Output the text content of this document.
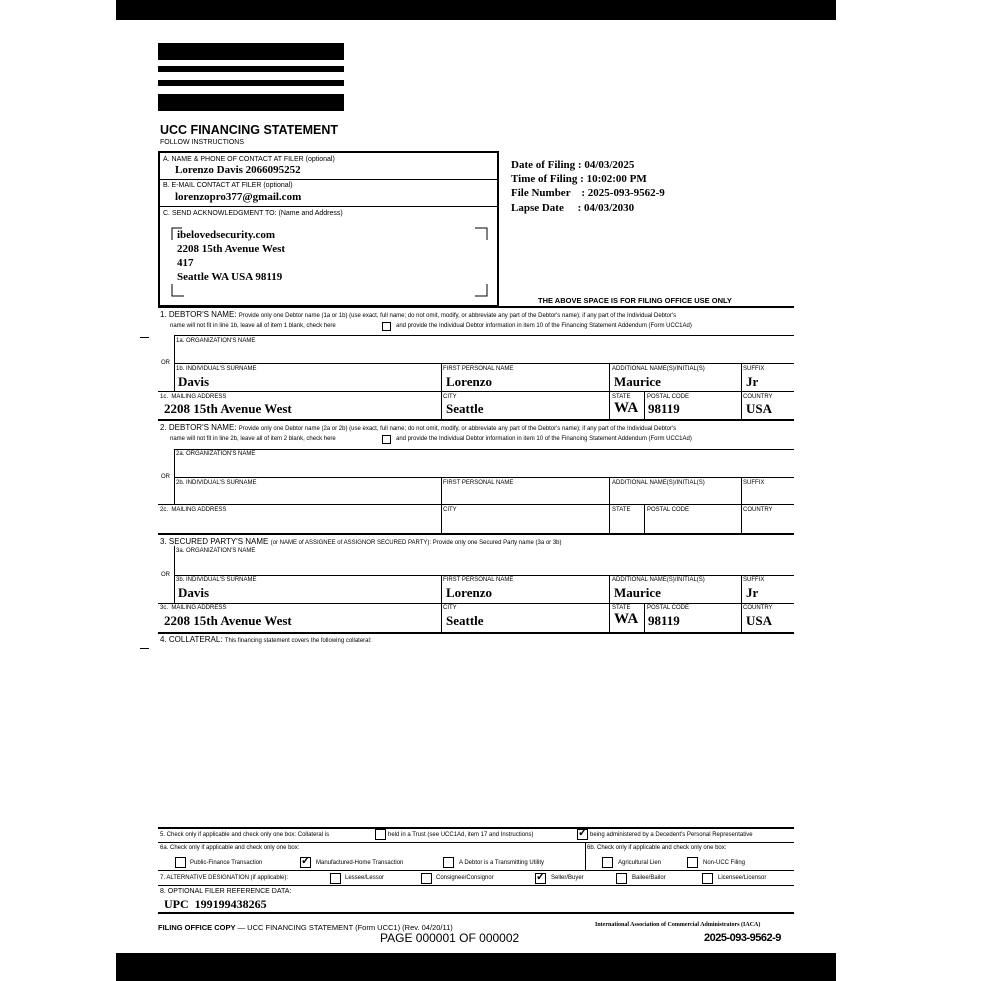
UCC FINANCING STATEMENT
FOLLOW INSTRUCTIONS
A. NAME & PHONE OF CONTACT AT FILER (optional)
Lorenzo Davis 2066095252
B. E-MAIL CONTACT AT FILER (optional)
lorenzopro377@gmail.com
C. SEND ACKNOWLEDGMENT TO: (Name and Address)
ibelovedsecurity.com
2208 15th Avenue West
417
Seattle WA USA 98119
Date of Filing : 04/03/2025
Time of Filing : 10:02:00 PM
File Number    : 2025-093-9562-9
Lapse Date     : 04/03/2030
THE ABOVE SPACE IS FOR FILING OFFICE USE ONLY
1. DEBTOR'S NAME: Provide only one Debtor name (1a or 1b) (use exact, full name; do not omit, modify, or abbreviate any part of the Debtor's name); if any part of the Individual Debtor's
name will not fit in line 1b, leave all of item 1 blank, check here	and provide the Individual Debtor information in item 10 of the Financing Statement Addendum (Form UCC1Ad)
1a. ORGANIZATION'S NAME
OR
1b. INDIVIDUAL'S SURNAME	FIRST PERSONAL NAME	ADDITIONAL NAME(S)/INITIAL(S)	SUFFIX
Davis	Lorenzo	Maurice	Jr
1c.  MAILING ADDRESS	CITY	STATE	POSTAL CODE	COUNTRY
2208 15th Avenue West	Seattle	WA 98119	USA
2. DEBTOR'S NAME: Provide only one Debtor name (2a or 2b) (use exact, full name; do not omit, modify, or abbreviate any part of the Debtor's name); if any part of the Individual Debtor's
name will not fit in line 2b, leave all of item 2 blank, check here	and provide the Individual Debtor information in item 10 of the Financing Statement Addendum (Form UCC1Ad)
2a. ORGANIZATION'S NAME
OR
2b. INDIVIDUAL'S SURNAME	FIRST PERSONAL NAME	ADDITIONAL NAME(S)/INITIAL(S)	SUFFIX
2c.  MAILING ADDRESS	CITY	STATE	POSTAL CODE	COUNTRY
3. SECURED PARTY'S NAME (or NAME of ASSIGNEE of ASSIGNOR SECURED PARTY): Provide only one Secured Party name (3a or 3b)
3a. ORGANIZATION'S NAME
OR
3b. INDIVIDUAL'S SURNAME	FIRST PERSONAL NAME	ADDITIONAL NAME(S)/INITIAL(S)	SUFFIX
Davis	Lorenzo	Maurice	Jr
3c.  MAILING ADDRESS	CITY	STATE	POSTAL CODE	COUNTRY
2208 15th Avenue West	Seattle	WA 98119	USA
4. COLLATERAL: This financing statement covers the following collateral:
5. Check only if applicable and check only one box: Collateral is	held in a Trust (see UCC1Ad, item 17 and Instructions)	✓ being administered by a Decedent's Personal Representative
6a. Check only if applicable and check only one box:	6b. Check only if applicable and check only one box:
Public-Finance Transaction	✓ Manufactured-Home Transaction	A Debtor is a Transmitting Utility	Agricultural Lien	Non-UCC Filing
7. ALTERNATIVE DESIGNATION (if applicable):	Lessee/Lessor	Consignee/Consignor	✓ Seller/Buyer	Bailee/Bailor	Licensee/Licensor
8. OPTIONAL FILER REFERENCE DATA:
UPC  199199438265
FILING OFFICE COPY — UCC FINANCING STATEMENT (Form UCC1) (Rev. 04/20/11)	International Association of Commercial Administrators (IACA)
PAGE 000001 OF 000002	2025-093-9562-9
